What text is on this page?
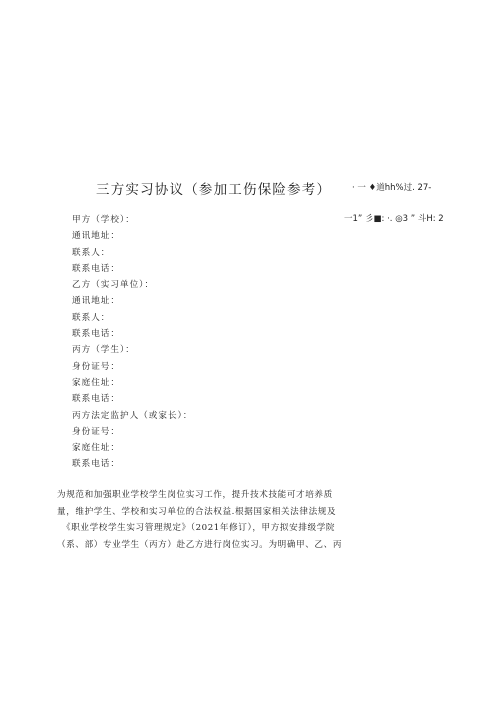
三方实习协议（参加工伤保险参考） · 一 ♦道hh%过. 27-
一1” 彡■: ·. ◎3 ” 斗H: 2
甲方（学校）：
通讯地址：
联系人：
联系电话：
乙方（实习单位）：
通讯地址：
联系人：
联系电话：
丙方（学生）：
身份证号：
家庭住址：
联系电话：
丙方法定监护人（或家长）：
身份证号：
家庭住址：
联系电话：
为规范和加强职业学校学生岗位实习工作，提升技术技能可才培养质
量，维护学生、学校和实习单位的合法权益.根据国家相关法律法规及
《职业学校学生实习管理规定》（2021年修订），甲方拟安排级学院
（系、部）专业学生（丙方）赴乙方进行岗位实习。为明确甲、乙、丙
